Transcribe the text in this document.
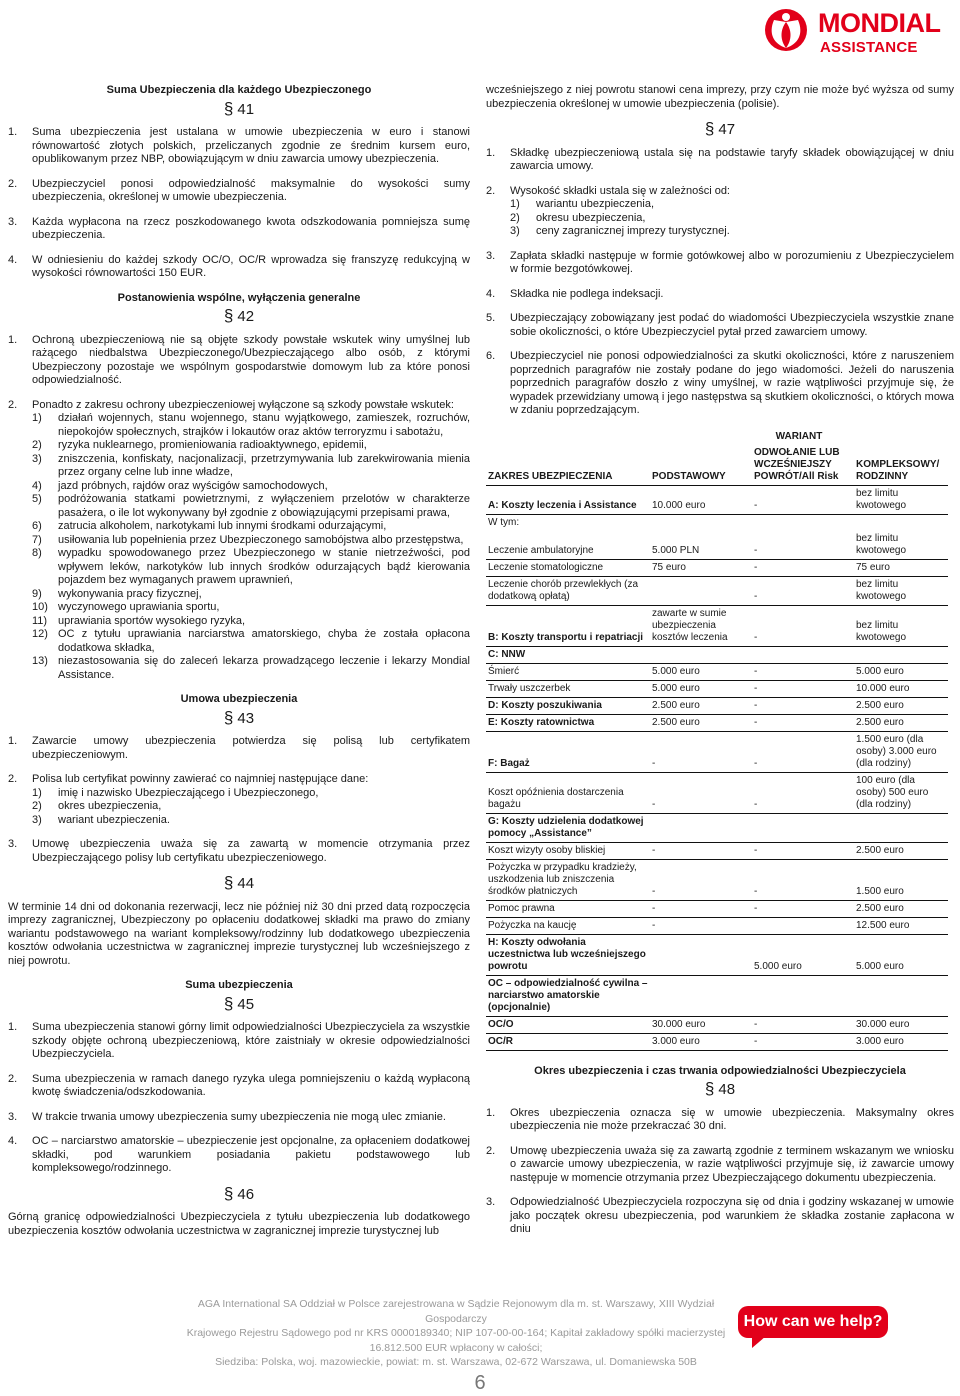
MONDIAL
ASSISTANCE
Suma Ubezpieczenia dla każdego Ubezpieczonego
§ 41
1.	Suma ubezpieczenia jest ustalana w umowie ubezpieczenia w euro i stanowi równowartość złotych polskich, przeliczanych zgodnie ze średnim kursem euro, opublikowanym przez NBP, obowiązującym w dniu zawarcia umowy ubezpieczenia.
2.	Ubezpieczyciel ponosi odpowiedzialność maksymalnie do wysokości sumy ubezpieczenia, określonej w umowie ubezpieczenia.
3.	Każda wypłacona na rzecz poszkodowanego kwota odszkodowania pomniejsza sumę ubezpieczenia.
4.	W odniesieniu do każdej szkody OC/O, OC/R wprowadza się franszyzę redukcyjną w wysokości równowartości 150 EUR.
Postanowienia wspólne, wyłączenia generalne
§ 42
1.	Ochroną ubezpieczeniową nie są objęte szkody powstałe wskutek winy umyślnej lub rażącego niedbalstwa Ubezpieczonego/Ubezpieczającego albo osób, z którymi Ubezpieczony pozostaje we wspólnym gospodarstwie domowym lub za które ponosi odpowiedzialność.
2.	Ponadto z zakresu ochrony ubezpieczeniowej wyłączone są szkody powstałe wskutek:
1)	działań wojennych, stanu wojennego, stanu wyjątkowego, zamieszek, rozruchów, niepokojów społecznych, strajków i lokautów oraz aktów terroryzmu i sabotażu,
2)	ryzyka nuklearnego, promieniowania radioaktywnego, epidemii,
3)	zniszczenia, konfiskaty, nacjonalizacji, przetrzymywania lub zarekwirowania mienia przez organy celne lub inne władze,
4)	jazd próbnych, rajdów oraz wyścigów samochodowych,
5)	podróżowania statkami powietrznymi, z wyłączeniem przelotów w charakterze pasażera, o ile lot wykonywany był zgodnie z obowiązującymi przepisami prawa,
6)	zatrucia alkoholem, narkotykami lub innymi środkami odurzającymi,
7)	usiłowania lub popełnienia przez Ubezpieczonego samobójstwa albo przestępstwa,
8)	wypadku spowodowanego przez Ubezpieczonego w stanie nietrzeźwości, pod wpływem leków, narkotyków lub innych środków odurzających bądź kierowania pojazdem bez wymaganych prawem uprawnień,
9)	wykonywania pracy fizycznej,
10) wyczynowego uprawiania sportu,
11) uprawiania sportów wysokiego ryzyka,
12) OC z tytułu uprawiania narciarstwa amatorskiego, chyba że została opłacona dodatkowa składka,
13) niezastosowania się do zaleceń lekarza prowadzącego leczenie i lekarzy Mondial Assistance.
Umowa ubezpieczenia
§ 43
1.	Zawarcie umowy ubezpieczenia potwierdza się polisą lub certyfikatem ubezpieczeniowym.
2.	Polisa lub certyfikat powinny zawierać co najmniej następujące dane:
1)	imię i nazwisko Ubezpieczającego i Ubezpieczonego,
2)	okres ubezpieczenia,
3)	wariant ubezpieczenia.
3.	Umowę ubezpieczenia uważa się za zawartą w momencie otrzymania przez Ubezpieczającego polisy lub certyfikatu ubezpieczeniowego.
§ 44
W terminie 14 dni od dokonania rezerwacji, lecz nie później niż 30 dni przed datą rozpoczęcia imprezy zagranicznej, Ubezpieczony po opłaceniu dodatkowej składki ma prawo do zmiany wariantu podstawowego na wariant kompleksowy/rodzinny lub dodatkowego ubezpieczenia kosztów odwołania uczestnictwa w zagranicznej imprezie turystycznej lub wcześniejszego z niej powrotu.
Suma ubezpieczenia
§ 45
1.	Suma ubezpieczenia stanowi górny limit odpowiedzialności Ubezpieczyciela za wszystkie szkody objęte ochroną ubezpieczeniową, które zaistniały w okresie odpowiedzialności Ubezpieczyciela.
2.	Suma ubezpieczenia w ramach danego ryzyka ulega pomniejszeniu o każdą wypłaconą kwotę świadczenia/odszkodowania.
3.	W trakcie trwania umowy ubezpieczenia sumy ubezpieczenia nie mogą ulec zmianie.
4.	OC – narciarstwo amatorskie – ubezpieczenie jest opcjonalne, za opłaceniem dodatkowej składki, pod warunkiem posiadania pakietu podstawowego lub kompleksowego/rodzinnego.
§ 46
Górną granicę odpowiedzialności Ubezpieczyciela z tytułu ubezpieczenia lub dodatkowego ubezpieczenia kosztów odwołania uczestnictwa w zagranicznej imprezie turystycznej lub
wcześniejszego z niej powrotu stanowi cena imprezy, przy czym nie może być wyższa od sumy ubezpieczenia określonej w umowie ubezpieczenia (polisie).
§ 47
1.	Składkę ubezpieczeniową ustala się na podstawie taryfy składek obowiązującej w dniu zawarcia umowy.
2.	Wysokość składki ustala się w zależności od:
1)	wariantu ubezpieczenia,
2)	okresu ubezpieczenia,
3)	ceny zagranicznej imprezy turystycznej.
3.	Zapłata składki następuje w formie gotówkowej albo w porozumieniu z Ubezpieczycielem w formie bezgotówkowej.
4.	Składka nie podlega indeksacji.
5.	Ubezpieczający zobowiązany jest podać do wiadomości Ubezpieczyciela wszystkie znane sobie okoliczności, o które Ubezpieczyciel pytał przed zawarciem umowy.
6.	Ubezpieczyciel nie ponosi odpowiedzialności za skutki okoliczności, które z naruszeniem poprzednich paragrafów nie zostały podane do jego wiadomości. Jeżeli do naruszenia poprzednich paragrafów doszło z winy umyślnej, w razie wątpliwości przyjmuje się, że wypadek przewidziany umową i jego następstwa są skutkiem okoliczności, o których mowa w zdaniu poprzedzającym.
	WARIANT		
ZAKRES UBEZPIECZENIA	PODSTAWOWY	ODWOŁANIE LUB WCZEŚNIEJSZY POWRÓT/All Risk	KOMPLEKSOWY/ RODZINNY
A: Koszty leczenia i Assistance	10.000 euro	-	bez limitu kwotowego
W tym:			
Leczenie ambulatoryjne	5.000 PLN	-	bez limitu kwotowego
Leczenie stomatologiczne	75 euro	-	75 euro
Leczenie chorób przewlekłych (za dodatkową opłatą)		-	bez limitu kwotowego
B: Koszty transportu i repatriacji	zawarte w sumie ubezpieczenia kosztów leczenia	-	bez limitu kwotowego
C: NNW			
Śmierć	5.000 euro	-	5.000 euro
Trwały uszczerbek	5.000 euro	-	10.000 euro
D: Koszty poszukiwania	2.500 euro	-	2.500 euro
E: Koszty ratownictwa	2.500 euro	-	2.500 euro
F: Bagaż	-	-	1.500 euro (dla osoby) 3.000 euro (dla rodziny)
Koszt opóźnienia dostarczenia bagażu	-	-	100 euro (dla osoby) 500 euro (dla rodziny)
G: Koszty udzielenia dodatkowej pomocy „Assistance”			
Koszt wizyty osoby bliskiej	-	-	2.500 euro
Pożyczka w przypadku kradzieży, uszkodzenia lub zniszczenia środków płatniczych	-	-	1.500 euro
Pomoc prawna	-	-	2.500 euro
Pożyczka na kaucję	-		12.500 euro
H: Koszty odwołania uczestnictwa lub wcześniejszego powrotu		5.000 euro	5.000 euro
OC – odpowiedzialność cywilna – narciarstwo amatorskie (opcjonalnie)			
OC/O	30.000 euro	-	30.000 euro
OC/R	3.000 euro	-	3.000 euro
Okres ubezpieczenia i czas trwania odpowiedzialności Ubezpieczyciela
§ 48
1.	Okres ubezpieczenia oznacza się w umowie ubezpieczenia. Maksymalny okres ubezpieczenia nie może przekraczać 30 dni.
2.	Umowę ubezpieczenia uważa się za zawartą zgodnie z terminem wskazanym we wniosku o zawarcie umowy ubezpieczenia, w razie wątpliwości przyjmuje się, iż zawarcie umowy następuje w momencie otrzymania przez Ubezpieczającego dokumentu ubezpieczenia.
3.	Odpowiedzialność Ubezpieczyciela rozpoczyna się od dnia i godziny wskazanej w umowie jako początek okresu ubezpieczenia, pod warunkiem że składka zostanie zapłacona w dniu
AGA International SA Oddział w Polsce zarejestrowana w Sądzie Rejonowym dla m. st. Warszawy, XIII Wydział Gospodarczy
Krajowego Rejestru Sądowego pod nr KRS 0000189340; NIP 107-00-00-164; Kapitał zakładowy spółki macierzystej 16.812.500 EUR wpłacony w całości;
Siedziba: Polska, woj. mazowieckie, powiat: m. st. Warszawa, 02-672 Warszawa, ul. Domaniewska 50B
How can we help?
6
